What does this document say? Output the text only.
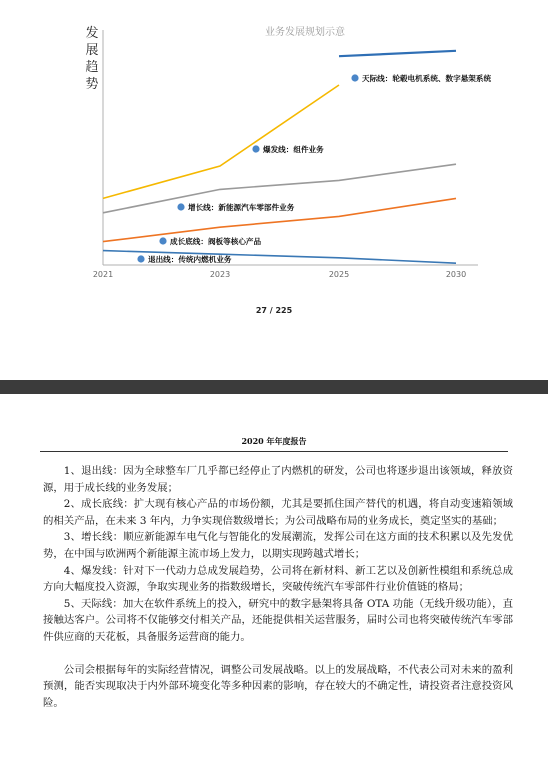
业务发展规划示意
发
展
趋
势
2021	2023	2025	2030
天际线：轮毂电机系统、数字悬架系统
爆发线：组件业务
增长线：新能源汽车零部件业务
成长底线：阀板等核心产品
退出线：传统内燃机业务
27 / 225
2020 年年度报告

1、退出线：因为全球整车厂几乎都已经停止了内燃机的研发，公司也将逐步退出该领域，释放资源，用于成长线的业务发展；

2、成长底线：扩大现有核心产品的市场份额，尤其是要抓住国产替代的机遇，将自动变速箱领域的相关产品，在未来 3 年内，力争实现倍数级增长；为公司战略布局的业务成长，奠定坚实的基础；

3、增长线：顺应新能源车电气化与智能化的发展潮流，发挥公司在这方面的技术积累以及先发优势，在中国与欧洲两个新能源主流市场上发力，以期实现跨越式增长；

4、爆发线：针对下一代动力总成发展趋势，公司将在新材料、新工艺以及创新性模组和系统总成方向大幅度投入资源，争取实现业务的指数级增长，突破传统汽车零部件行业价值链的格局；

5、天际线：加大在软件系统上的投入，研究中的数字悬架将具备 OTA 功能（无线升级功能），直接触达客户。公司将不仅能够交付相关产品，还能提供相关运营服务，届时公司也将突破传统汽车零部件供应商的天花板，具备服务运营商的能力。

公司会根据每年的实际经营情况，调整公司发展战略。以上的发展战略，不代表公司对未来的盈利预测，能否实现取决于内外部环境变化等多种因素的影响，存在较大的不确定性，请投资者注意投资风险。
